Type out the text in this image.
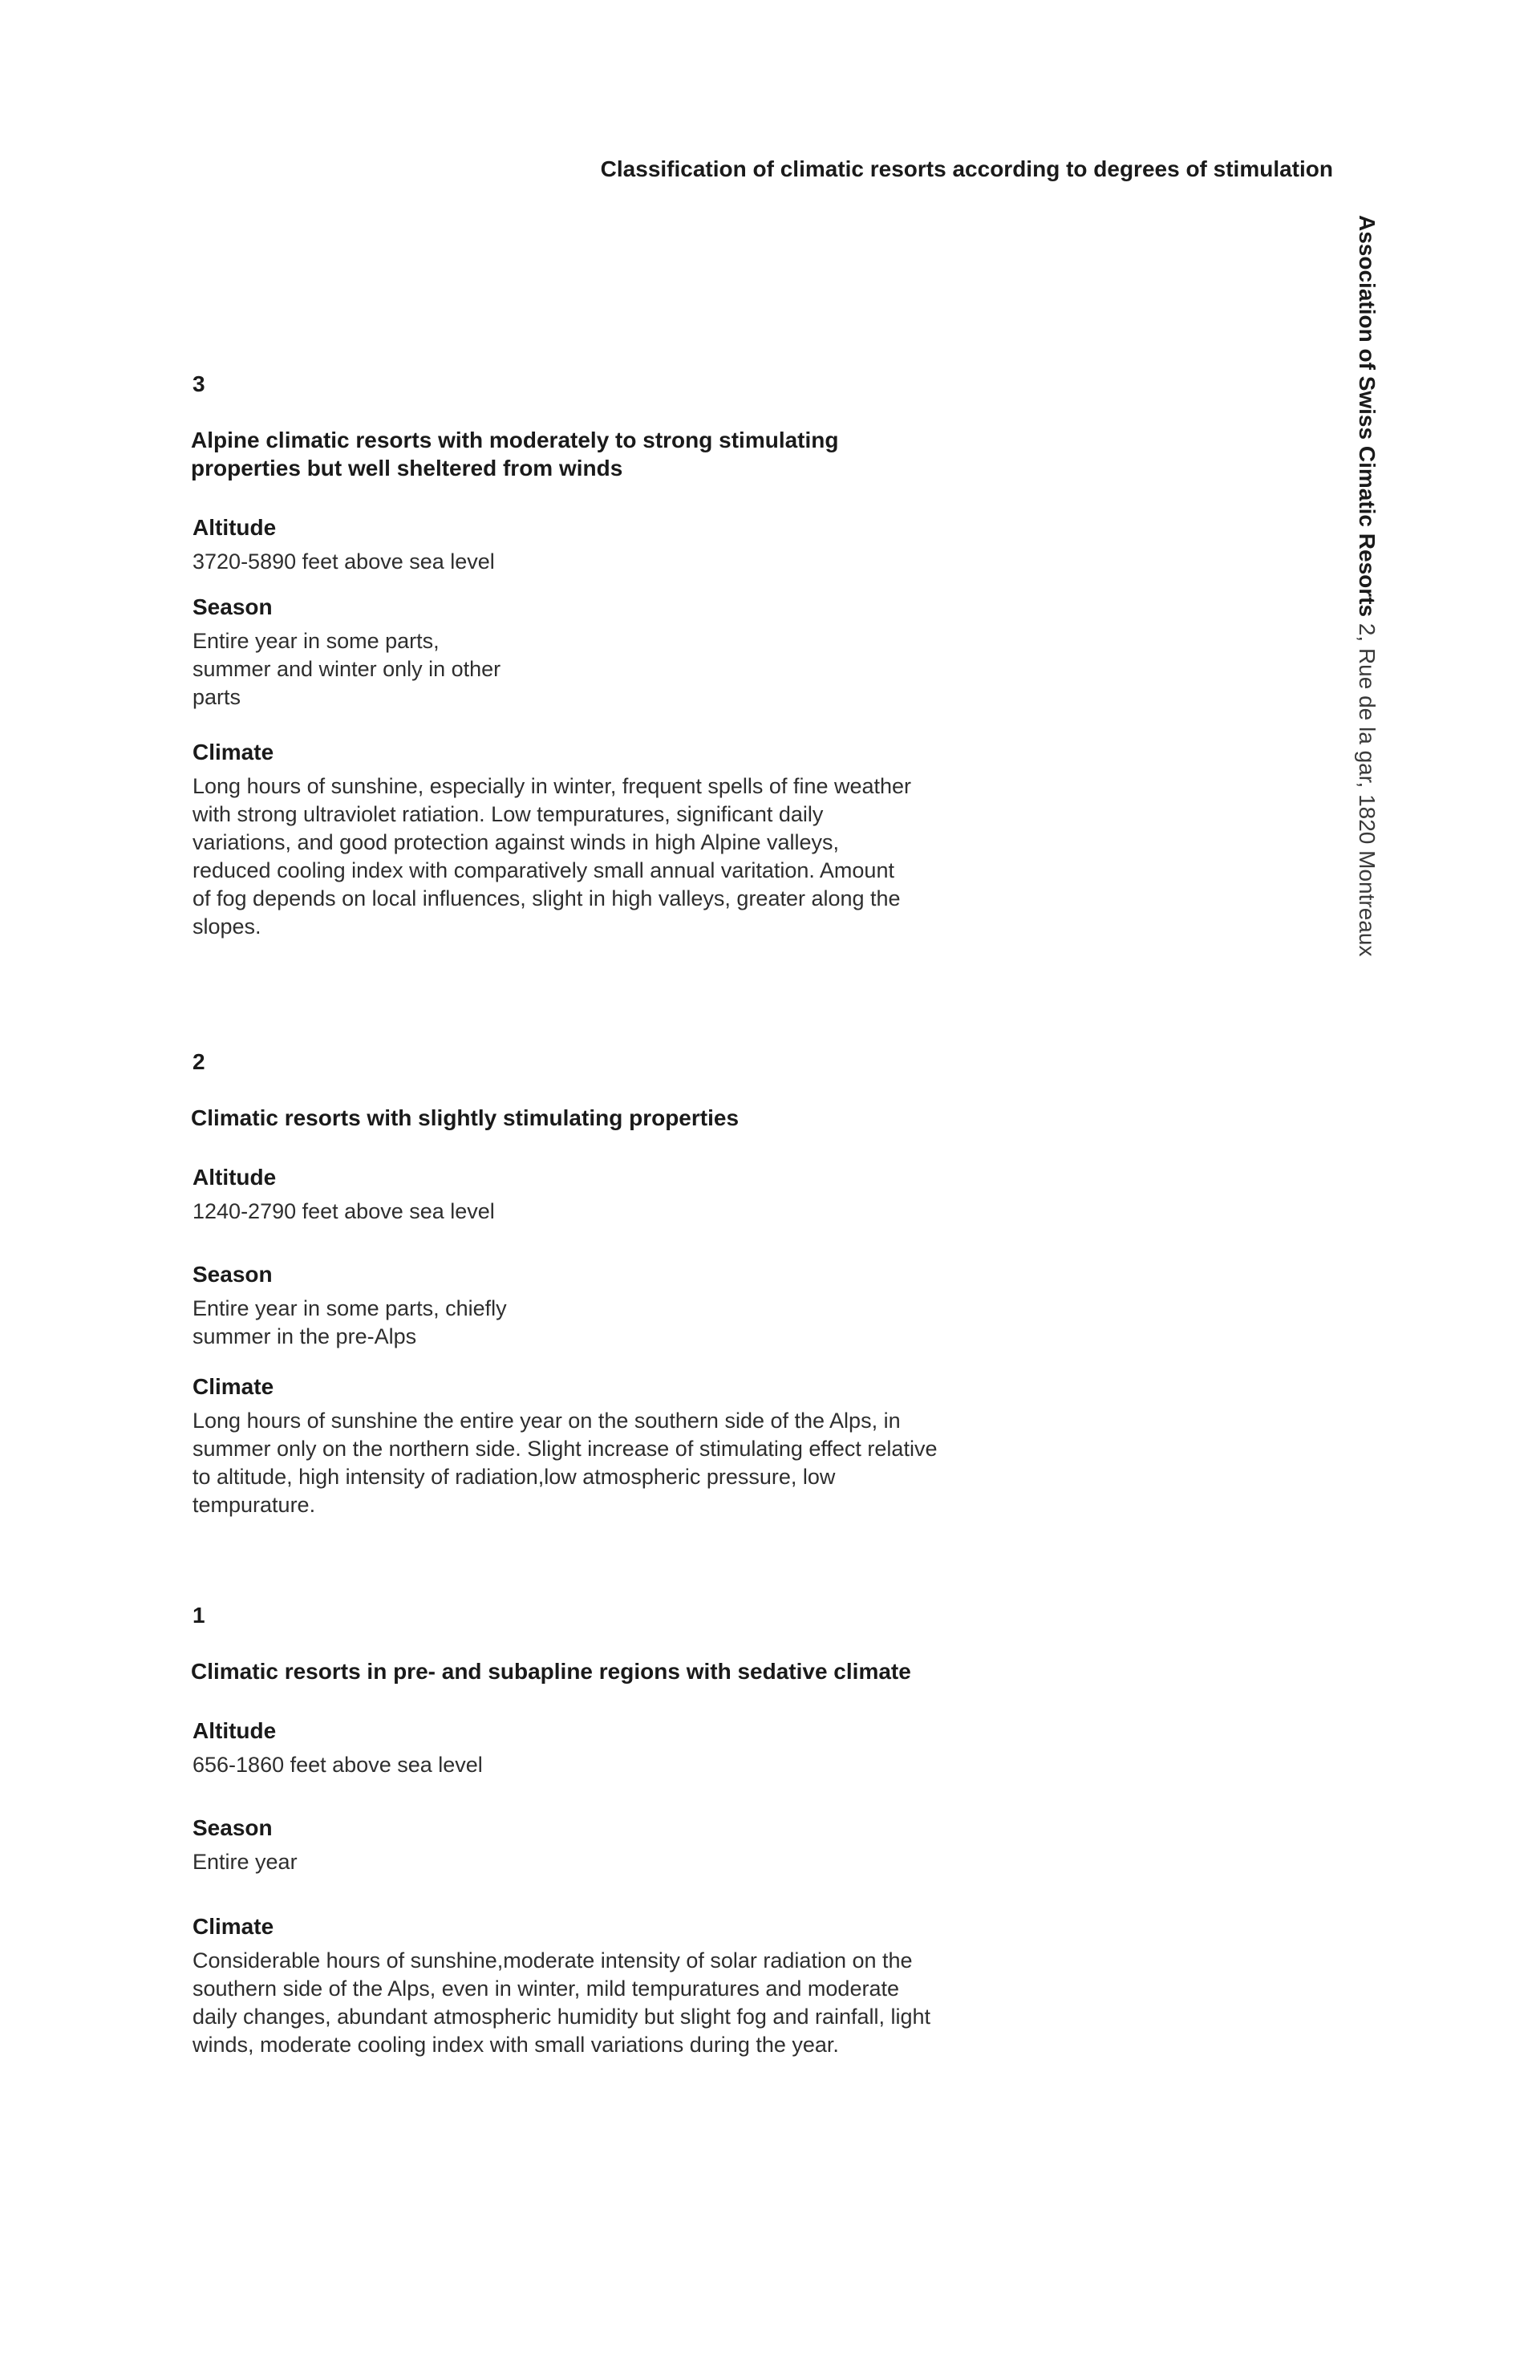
Classification of climatic resorts according to degrees of stimulation
Association of Swiss Cimatic Resorts 2, Rue de la gar, 1820 Montreaux
3
Alpine climatic resorts with moderately to strong stimulating properties but well sheltered from winds
Altitude
3720-5890 feet above sea level
Season
Entire year in some parts,
summer and winter only in other
parts
Climate
Long hours of sunshine, especially in winter, frequent spells of fine weather with strong ultraviolet ratiation. Low tempuratures, significant daily variations, and good protection against winds in high Alpine valleys, reduced cooling index with comparatively small annual varitation. Amount of fog depends on local influences, slight in high valleys, greater along the slopes.
2
Climatic resorts with slightly stimulating properties
Altitude
1240-2790 feet above sea level
Season
Entire year in some parts, chiefly
summer in the pre-Alps
Climate
Long hours of sunshine the entire year on the southern side of the Alps, in summer only on the northern side. Slight increase of stimulating effect relative to altitude, high intensity of radiation,low atmospheric pressure, low tempurature.
1
Climatic resorts in pre- and subapline regions with sedative climate
Altitude
656-1860 feet above sea level
Season
Entire year
Climate
Considerable hours of sunshine,moderate intensity of solar radiation on the southern side of the Alps, even in winter, mild tempuratures and moderate daily changes, abundant atmospheric humidity but slight fog and rainfall, light winds, moderate cooling index with small variations during the year.
